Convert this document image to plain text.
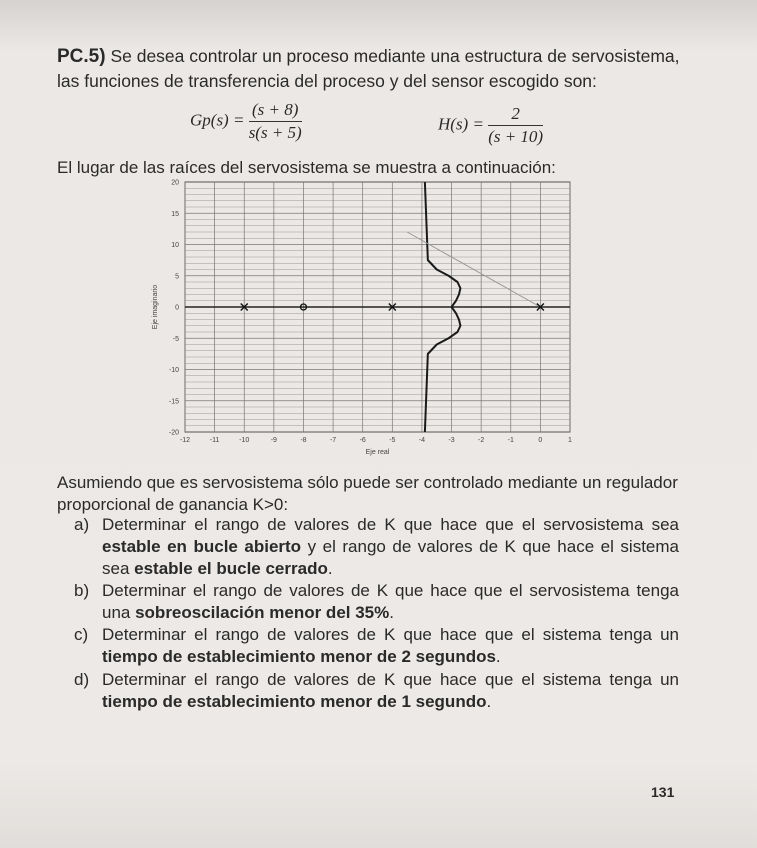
PC.5) Se desea controlar un proceso mediante una estructura de servosistema,
las funciones de transferencia del proceso y del sensor escogido son:
$Gp(s) = \frac{(s + 8)}{s(s + 5)}$	$H(s) = \frac{2}{(s + 10)}$
El lugar de las raíces del servosistema se muestra a continuación:
-12	-11	-10	-9	-8	-7	-6	-5	-4	-3	-2	-1	0	1
20
15
10
5
0
-5
-10
-15
-20
Eje real
Eje imaginario
Asumiendo que es servosistema sólo puede ser controlado mediante un regulador
proporcional de ganancia K>0:
a) Determinar el rango de valores de K que hace que el servosistema sea estable en bucle abierto y el rango de valores de K que hace el sistema sea estable el bucle cerrado.
b) Determinar el rango de valores de K que hace que el servosistema tenga una sobreoscilación menor del 35%.
c) Determinar el rango de valores de K que hace que el sistema tenga un tiempo de establecimiento menor de 2 segundos.
d) Determinar el rango de valores de K que hace que el sistema tenga un tiempo de establecimiento menor de 1 segundo.
131
